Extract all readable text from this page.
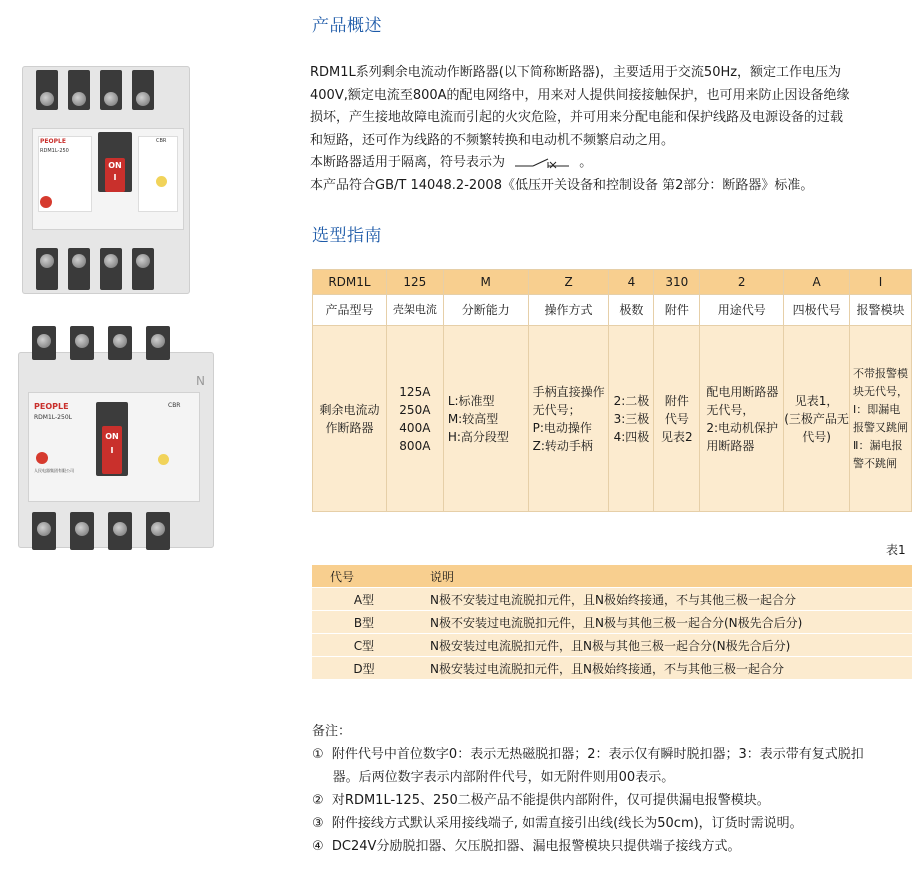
PEOPLE
RDM1L-250
ON
I
CBR
N
PEOPLE
RDM1L-250L
人民电器集团有限公司
ON
I
CBR
产品概述
RDM1L系列剩余电流动作断路器(以下简称断路器)，主要适用于交流50Hz，额定工作电压为
400V,额定电流至800A的配电网络中，用来对人提供间接接触保护，也可用来防止因设备绝缘
损坏，产生接地故障电流而引起的火灾危险，并可用来分配电能和保护线路及电源设备的过载
和短路，还可作为线路的不频繁转换和电动机不频繁启动之用。
本断路器适用于隔离，符号表示为	。
本产品符合GB/T 14048.2-2008《低压开关设备和控制设备 第2部分：断路器》标准。
选型指南
RDM1L	125	M	Z	4	310	2	A	I
产品型号	壳架电流	分断能力	操作方式	极数	附件	用途代号	四极代号	报警模块
剩余电流动作断路器	125A
250A
400A
800A	L:标准型
M:较高型
H:高分段型	手柄直接操作无代号；
P:电动操作
Z:转动手柄	2:二极
3:三极
4:四极	附件代号见表2	配电用断路器无代号，
2:电动机保护用断路器	见表1，
(三极产品无代号)	不带报警模块无代号，
Ⅰ：即漏电报警又跳闸
Ⅱ：漏电报警不跳闸
表1
代号	说明
A型	N极不安装过电流脱扣元件，且N极始终接通，不与其他三极一起合分
B型	N极不安装过电流脱扣元件，且N极与其他三极一起合分(N极先合后分)
C型	N极安装过电流脱扣元件，且N极与其他三极一起合分(N极先合后分)
D型	N极安装过电流脱扣元件，且N极始终接通，不与其他三极一起合分
备注：
①  附件代号中首位数字0：表示无热磁脱扣器；2：表示仅有瞬时脱扣器；3：表示带有复式脱扣
器。后两位数字表示内部附件代号，如无附件则用00表示。
②  对RDM1L-125、250二极产品不能提供内部附件，仅可提供漏电报警模块。
③  附件接线方式默认采用接线端子, 如需直接引出线(线长为50cm)，订货时需说明。
④  DC24V分励脱扣器、欠压脱扣器、漏电报警模块只提供端子接线方式。
